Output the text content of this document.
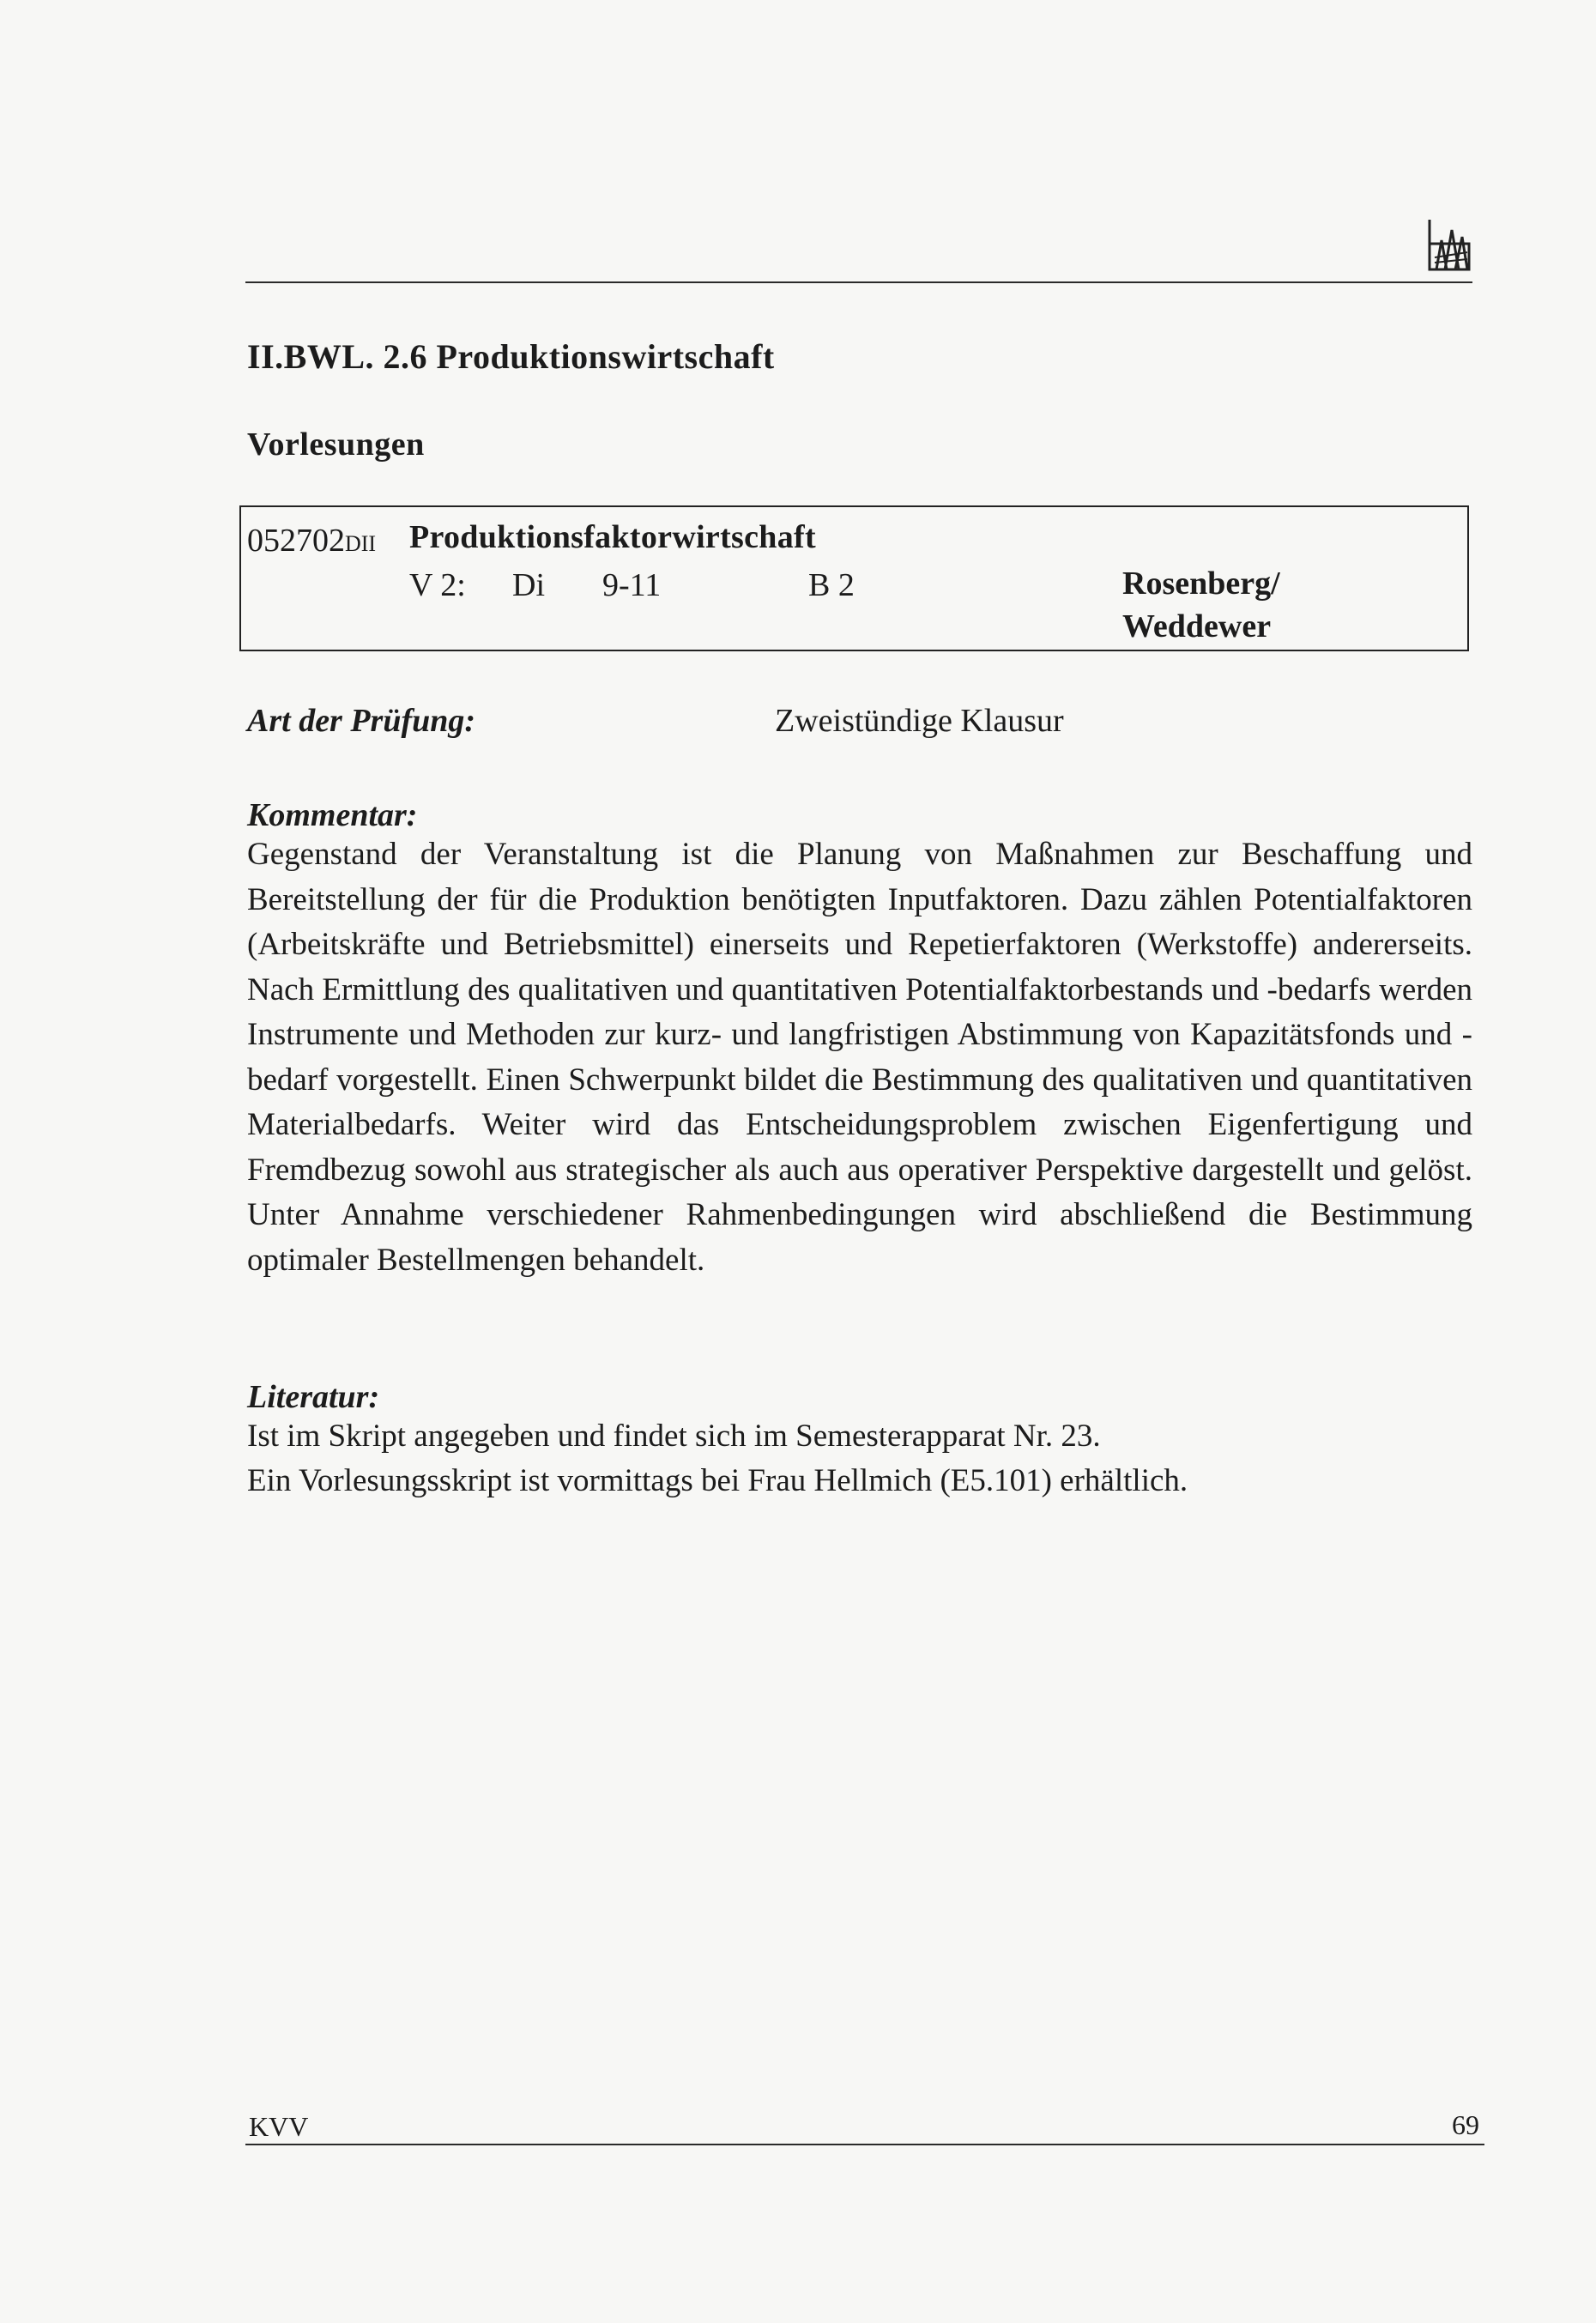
II.BWL. 2.6 Produktionswirtschaft
Vorlesungen
052702DII Produktionsfaktorwirtschaft
V 2: Di 9-11	B 2	Rosenberg/
Weddewer
Art der Prüfung:	Zweistündige Klausur
Kommentar:
Gegenstand der Veranstaltung ist die Planung von Maßnahmen zur Beschaffung und Bereitstellung der für die Produktion benötigten Inputfaktoren. Dazu zählen Potentialfaktoren (Arbeitskräfte und Betriebsmittel) einerseits und Repetierfaktoren (Werkstoffe) andererseits. Nach Ermittlung des qualitativen und quantitativen Potentialfaktorbestands und -bedarfs werden Instrumente und Methoden zur kurz- und langfristigen Abstimmung von Kapazitätsfonds und -bedarf vorgestellt. Einen Schwerpunkt bildet die Bestimmung des qualitativen und quantitativen Materialbedarfs. Weiter wird das Entscheidungsproblem zwischen Eigenfertigung und Fremdbezug sowohl aus strategischer als auch aus operativer Perspektive dargestellt und gelöst. Unter Annahme verschiedener Rahmenbedingungen wird abschließend die Bestimmung optimaler Bestellmengen behandelt.
Literatur:
Ist im Skript angegeben und findet sich im Semesterapparat Nr. 23.
Ein Vorlesungsskript ist vormittags bei Frau Hellmich (E5.101) erhältlich.
KVV	69
